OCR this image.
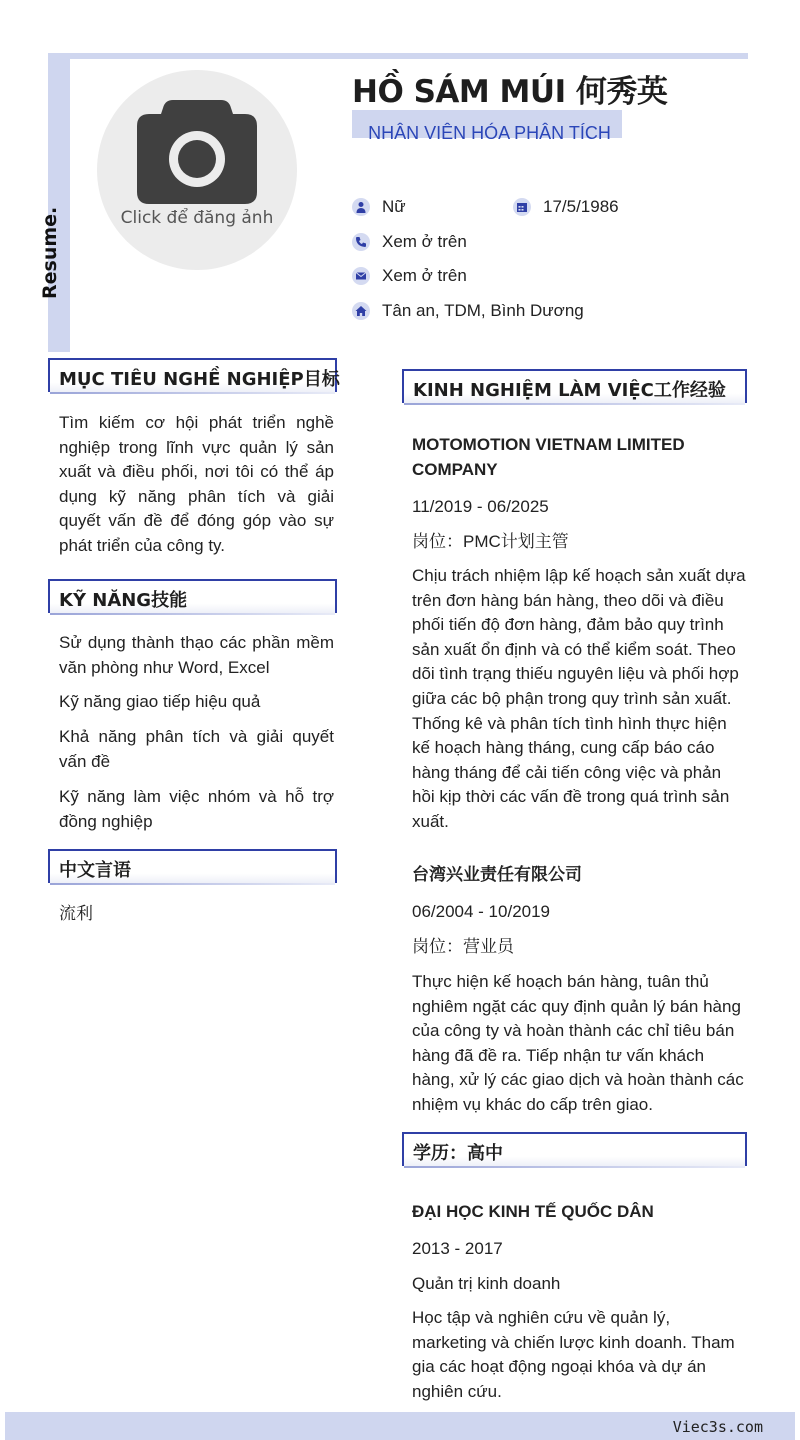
Resume.	Click để đăng ảnh
HỒ SÁM MÚI 何秀英
NHÂN VIÊN HÓA PHÂN TÍCH
Nữ	17/5/1986
Xem ở trên
Xem ở trên
Tân an, TDM, Bình Dương
MỤC TIÊU NGHỀ NGHIỆP目标
Tìm kiếm cơ hội phát triển nghề nghiệp trong lĩnh vực quản lý sản xuất và điều phối, nơi tôi có thể áp dụng kỹ năng phân tích và giải quyết vấn đề để đóng góp vào sự phát triển của công ty.
KỸ NĂNG技能
Sử dụng thành thạo các phần mềm văn phòng như Word, Excel
Kỹ năng giao tiếp hiệu quả
Khả năng phân tích và giải quyết vấn đề
Kỹ năng làm việc nhóm và hỗ trợ đồng nghiệp
中文言语
流利
KINH NGHIỆM LÀM VIỆC工作经验
MOTOMOTION VIETNAM LIMITED COMPANY
11/2019 - 06/2025
岗位：PMC计划主管
Chịu trách nhiệm lập kế hoạch sản xuất dựa trên đơn hàng bán hàng, theo dõi và điều phối tiến độ đơn hàng, đảm bảo quy trình sản xuất ổn định và có thể kiểm soát. Theo dõi tình trạng thiếu nguyên liệu và phối hợp giữa các bộ phận trong quy trình sản xuất. Thống kê và phân tích tình hình thực hiện kế hoạch hàng tháng, cung cấp báo cáo hàng tháng để cải tiến công việc và phản hồi kịp thời các vấn đề trong quá trình sản xuất.
台湾兴业责任有限公司
06/2004 - 10/2019
岗位：营业员
Thực hiện kế hoạch bán hàng, tuân thủ nghiêm ngặt các quy định quản lý bán hàng của công ty và hoàn thành các chỉ tiêu bán hàng đã đề ra. Tiếp nhận tư vấn khách hàng, xử lý các giao dịch và hoàn thành các nhiệm vụ khác do cấp trên giao.
学历：高中
ĐẠI HỌC KINH TẾ QUỐC DÂN
2013 - 2017
Quản trị kinh doanh
Học tập và nghiên cứu về quản lý, marketing và chiến lược kinh doanh. Tham gia các hoạt động ngoại khóa và dự án nghiên cứu.
Viec3s.com
